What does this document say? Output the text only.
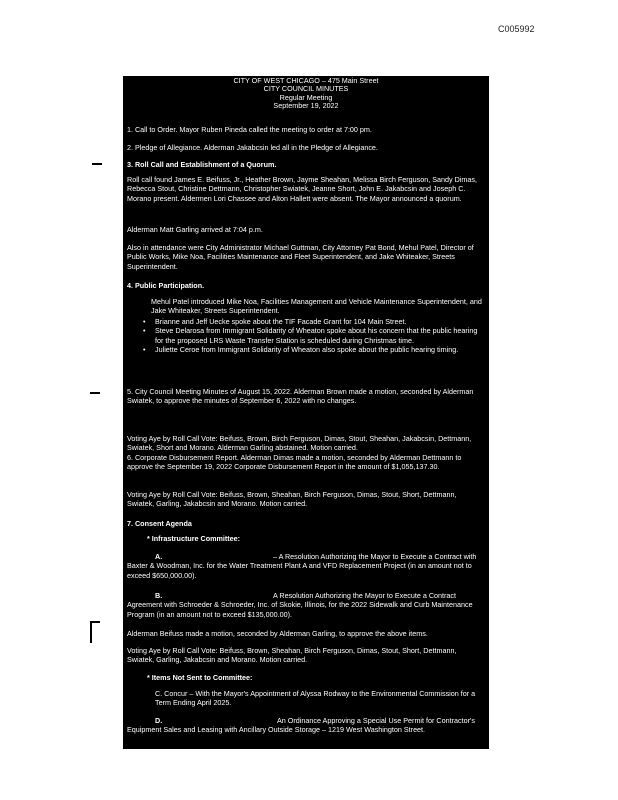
C005992
CITY OF WEST CHICAGO – 475 Main Street
CITY COUNCIL MINUTES
Regular Meeting
September 19, 2022
1. Call to Order. Mayor Ruben Pineda called the meeting to order at 7:00 pm.
2. Pledge of Allegiance. Alderman Jakabcsin led all in the Pledge of Allegiance.
3. Roll Call and Establishment of a Quorum.
Roll call found James E. Beifuss, Jr., Heather Brown, Jayme Sheahan, Melissa Birch Ferguson, Sandy Dimas, Rebecca Stout, Christine Dettmann, Christopher Swiatek, Jeanne Short, John E. Jakabcsin and Joseph C. Morano present. Aldermen Lori Chassee and Alton Hallett were absent. The Mayor announced a quorum.
Alderman Matt Garling arrived at 7:04 p.m.
Also in attendance were City Administrator Michael Guttman, City Attorney Pat Bond, Mehul Patel, Director of Public Works, Mike Noa, Facilities Maintenance and Fleet Superintendent, and Jake Whiteaker, Streets Superintendent.
4. Public Participation.
Mehul Patel introduced Mike Noa, Facilities Management and Vehicle Maintenance Superintendent, and Jake Whiteaker, Streets Superintendent.
• Brianne and Jeff Uecke spoke about the TIF Facade Grant for 104 Main Street.
• Steve Delarosa from Immigrant Solidarity of Wheaton spoke about his concern that the public hearing for the proposed LRS Waste Transfer Station is scheduled during Christmas time.
• Juliette Ceroe from Immigrant Solidarity of Wheaton also spoke about the public hearing timing.
5. City Council Meeting Minutes of August 15, 2022. Alderman Brown made a motion, seconded by Alderman Swiatek, to approve the minutes of September 6, 2022 with no changes.
Voting Aye by Roll Call Vote: Beifuss, Brown, Birch Ferguson, Dimas, Stout, Sheahan, Jakabcsin, Dettmann, Swiatek, Short and Morano. Alderman Garling abstained. Motion carried.
6. Corporate Disbursement Report. Alderman Dimas made a motion, seconded by Alderman Dettmann to approve the September 19, 2022 Corporate Disbursement Report in the amount of $1,055,137.30.
Voting Aye by Roll Call Vote: Beifuss, Brown, Sheahan, Birch Ferguson, Dimas, Stout, Short, Dettmann, Swiatek, Garling, Jakabcsin and Morano. Motion carried.
7. Consent Agenda
* Infrastructure Committee:
A.	– A Resolution Authorizing the Mayor to Execute a Contract with Baxter & Woodman, Inc. for the Water Treatment Plant A and VFD Replacement Project (in an amount not to exceed $650,000.00).
B.	A Resolution Authorizing the Mayor to Execute a Contract Agreement with Schroeder & Schroeder, Inc. of Skokie, Illinois, for the 2022 Sidewalk and Curb Maintenance Program (in an amount not to exceed $135,000.00).
Alderman Beifuss made a motion, seconded by Alderman Garling, to approve the above items.
Voting Aye by Roll Call Vote: Beifuss, Brown, Sheahan, Birch Ferguson, Dimas, Stout, Short, Dettmann, Swiatek, Garling, Jakabcsin and Morano. Motion carried.
* Items Not Sent to Committee:
C. Concur – With the Mayor's Appointment of Alyssa Rodway to the Environmental Commission for a Term Ending April 2025.
D.	An Ordinance Approving a Special Use Permit for Contractor's Equipment Sales and Leasing with Ancillary Outside Storage – 1219 West Washington Street.
